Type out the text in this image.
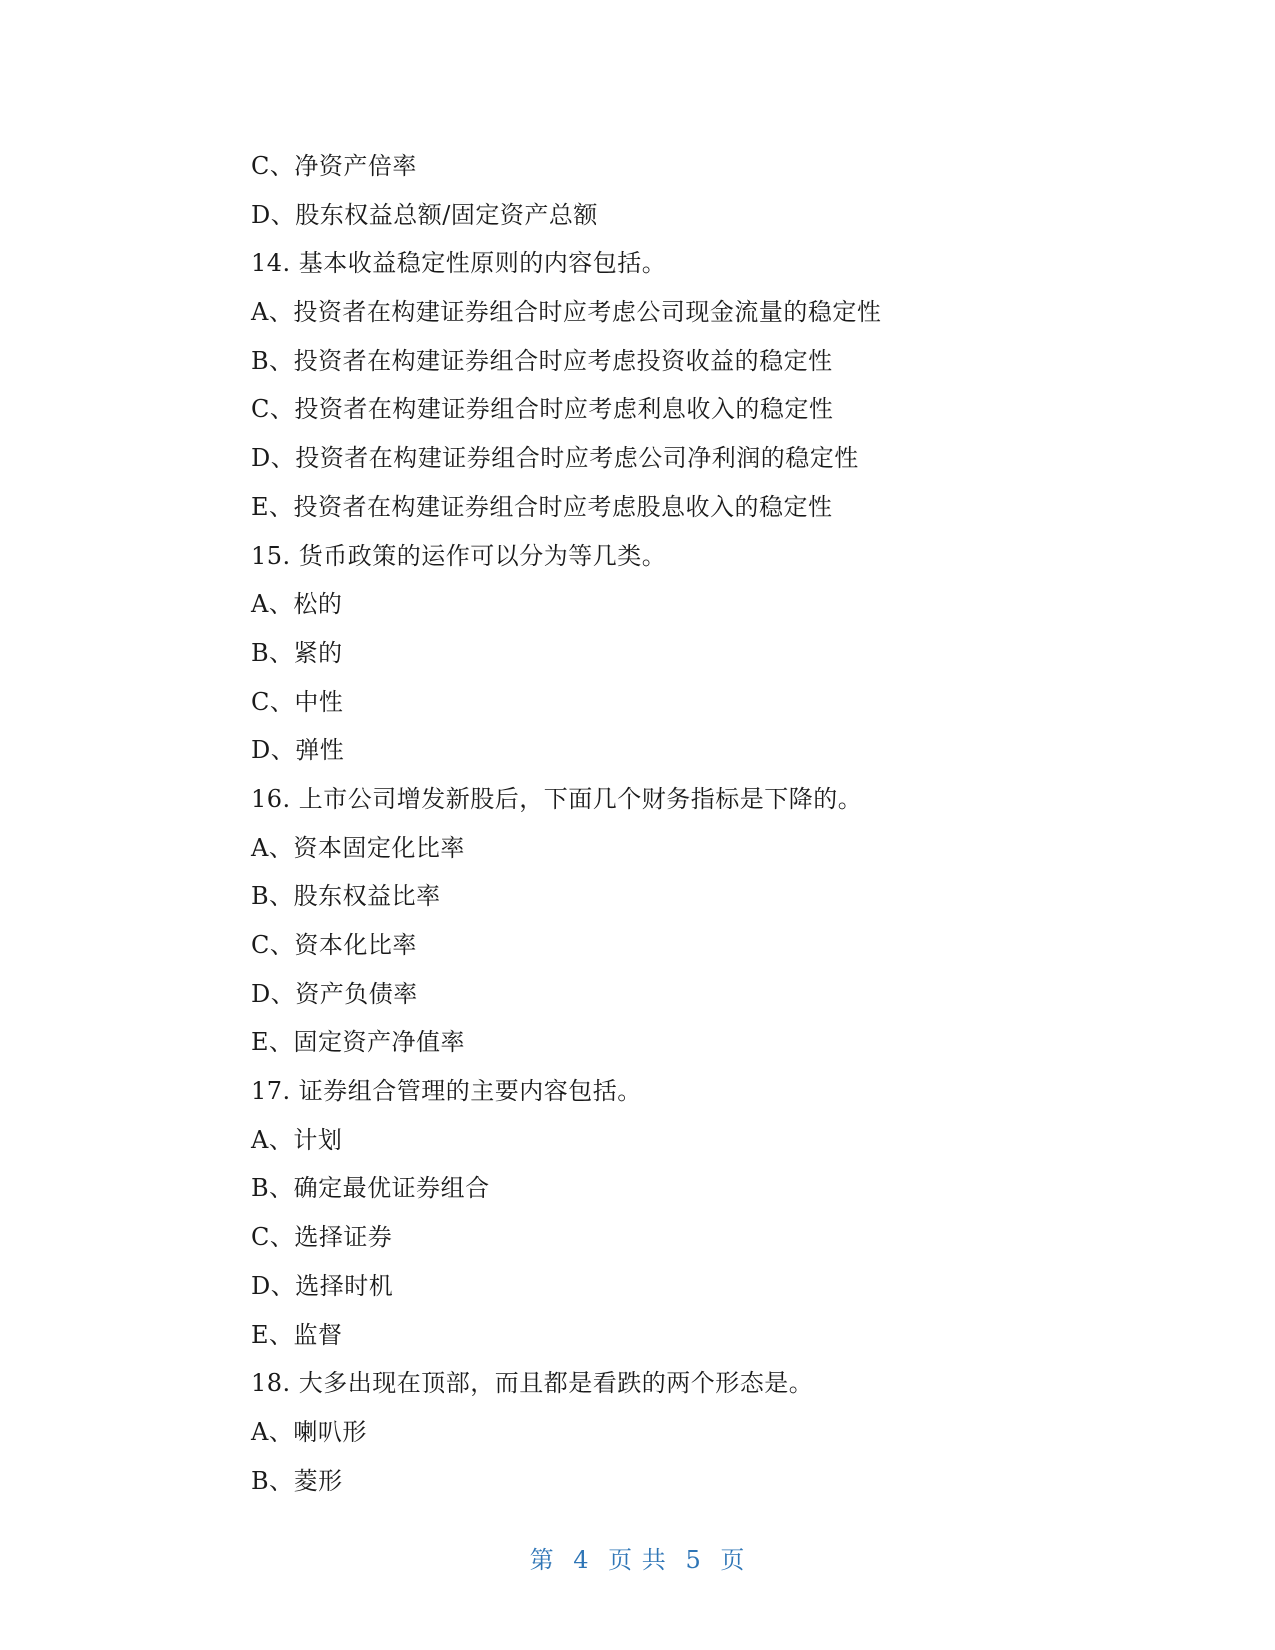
C、净资产倍率
D、股东权益总额/固定资产总额
14. 基本收益稳定性原则的内容包括。
A、投资者在构建证券组合时应考虑公司现金流量的稳定性
B、投资者在构建证券组合时应考虑投资收益的稳定性
C、投资者在构建证券组合时应考虑利息收入的稳定性
D、投资者在构建证券组合时应考虑公司净利润的稳定性
E、投资者在构建证券组合时应考虑股息收入的稳定性
15. 货币政策的运作可以分为等几类。
A、松的
B、紧的
C、中性
D、弹性
16. 上市公司增发新股后，下面几个财务指标是下降的。
A、资本固定化比率
B、股东权益比率
C、资本化比率
D、资产负债率
E、固定资产净值率
17. 证券组合管理的主要内容包括。
A、计划
B、确定最优证券组合
C、选择证券
D、选择时机
E、监督
18. 大多出现在顶部，而且都是看跌的两个形态是。
A、喇叭形
B、菱形
第 4 页 共 5 页
